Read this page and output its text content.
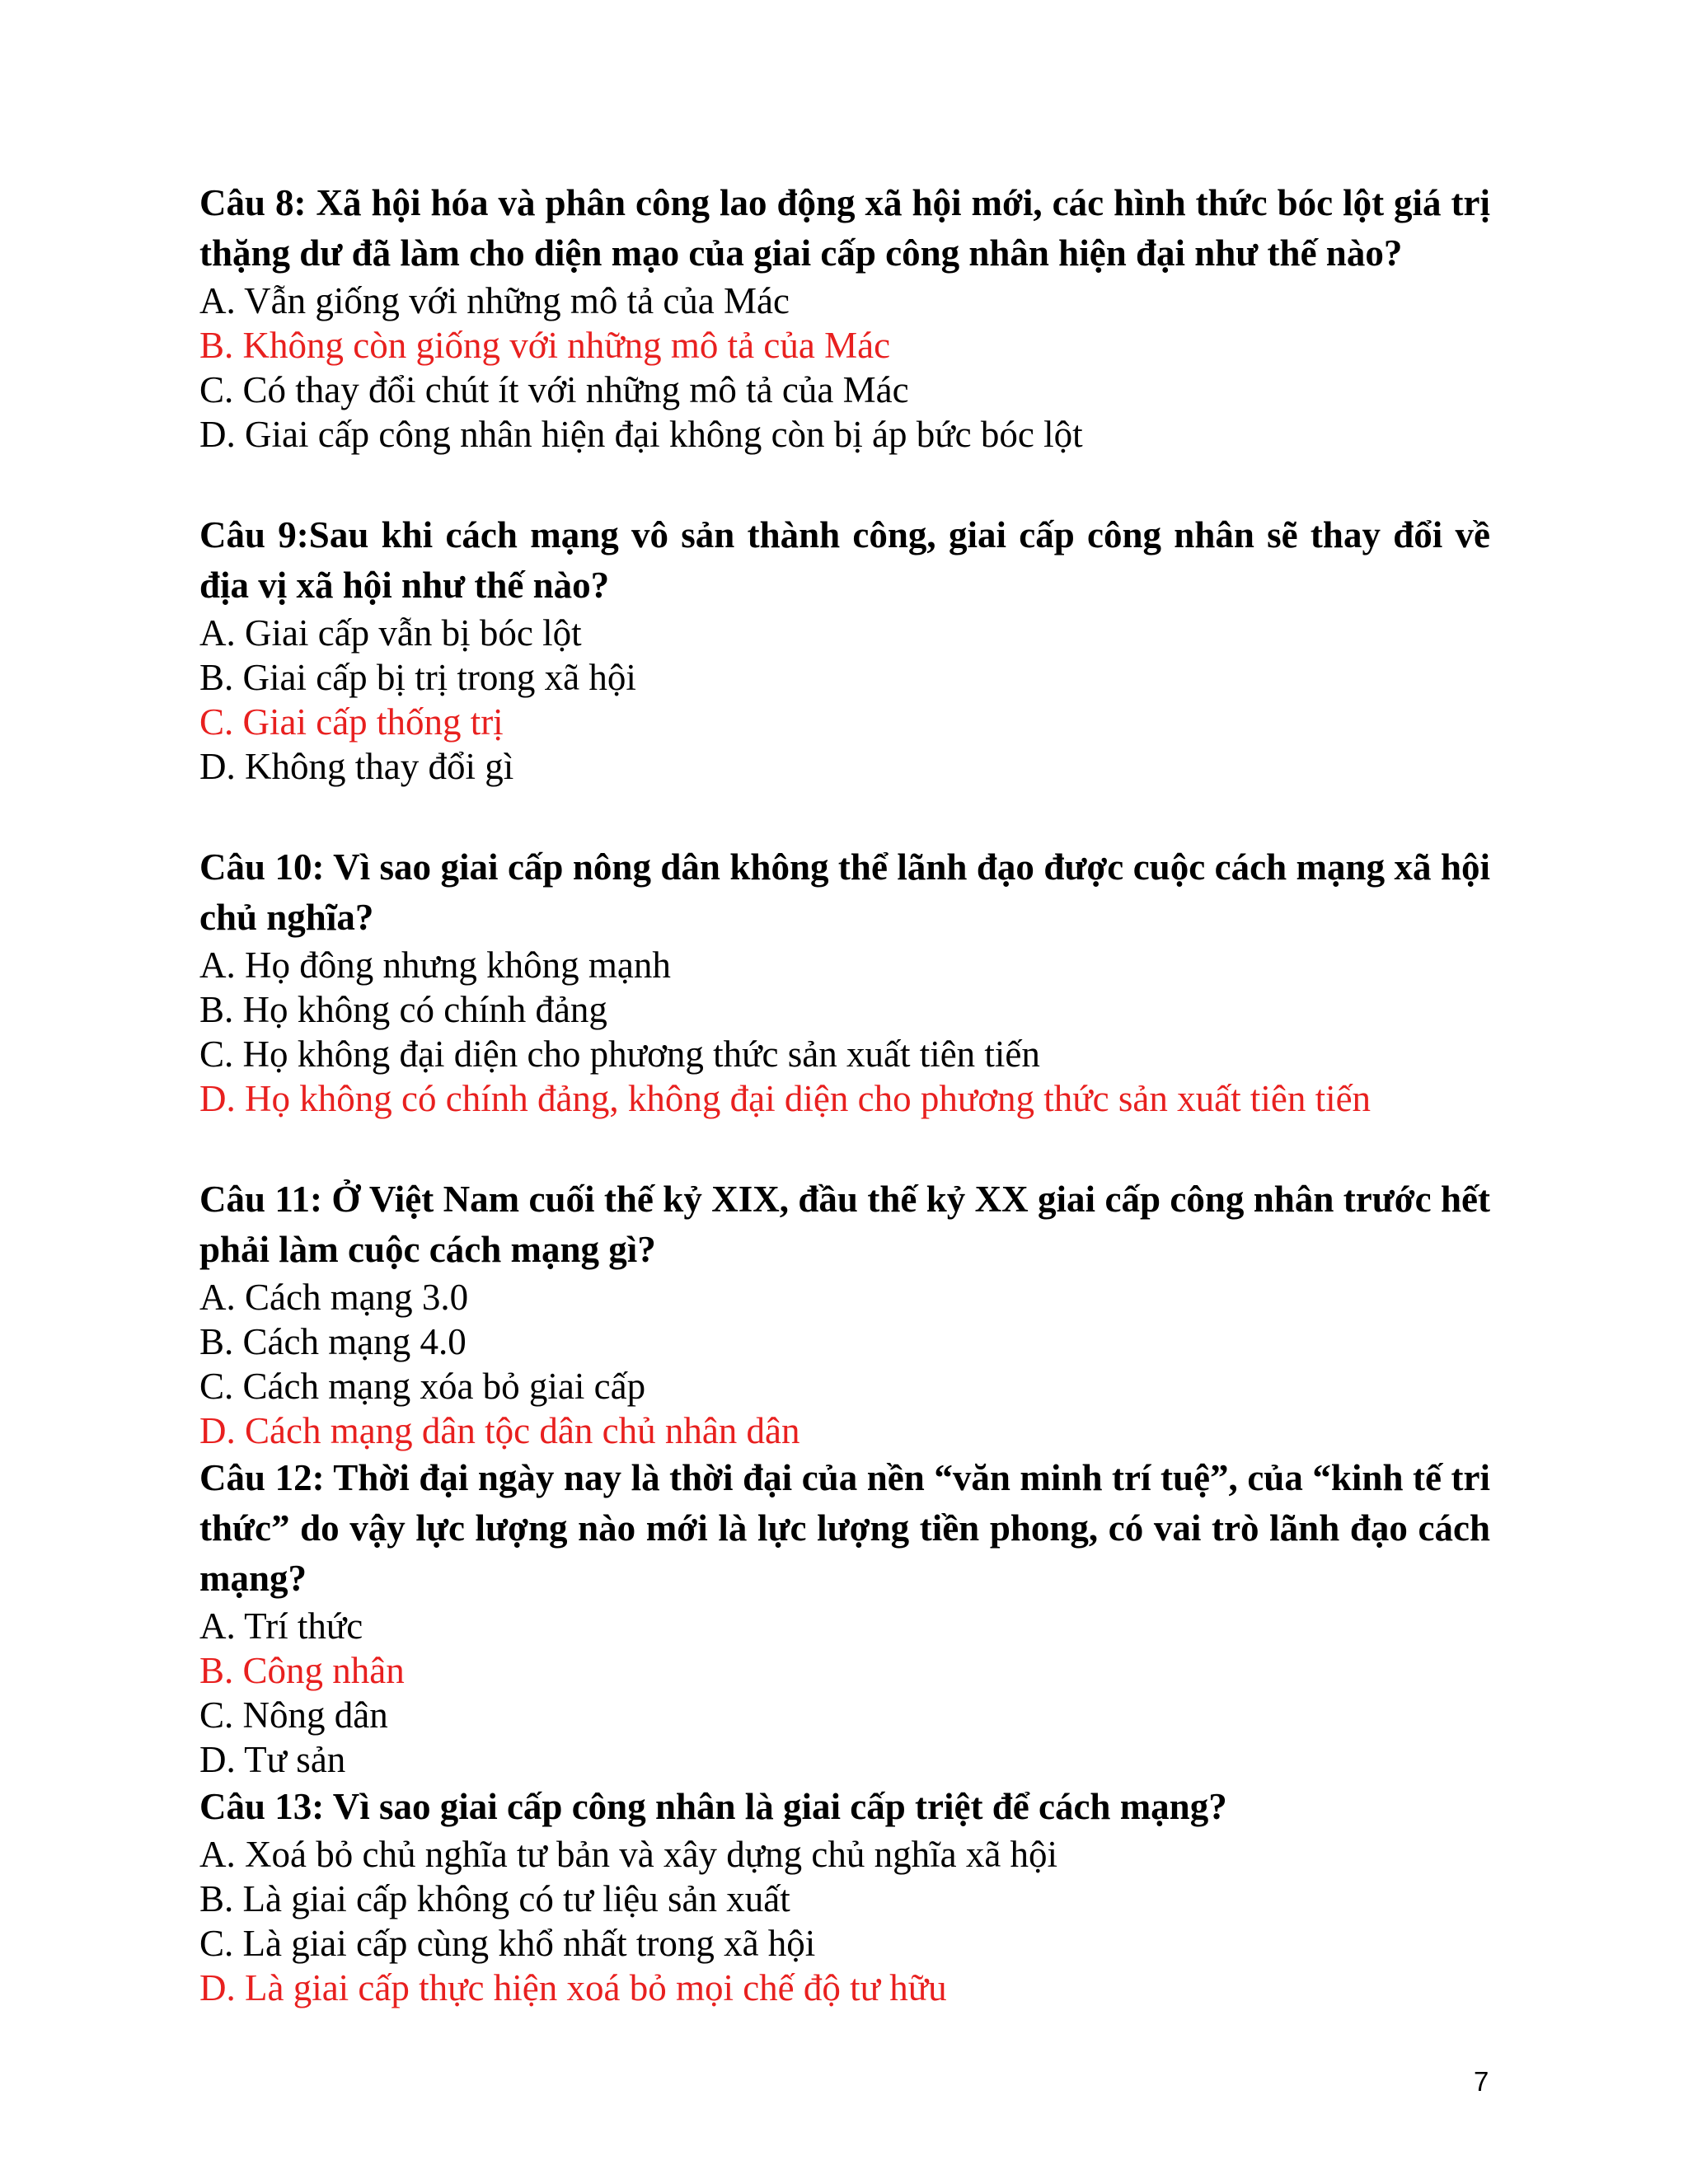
Câu 8: Xã hội hóa và phân công lao động xã hội mới, các hình thức bóc lột giá trị thặng dư đã làm cho diện mạo của giai cấp công nhân hiện đại như thế nào?

A. Vẫn giống với những mô tả của Mác

B. Không còn giống với những mô tả của Mác

C. Có thay đổi chút ít với những mô tả của Mác

D. Giai cấp công nhân hiện đại không còn bị áp bức bóc lột

Câu 9:Sau khi cách mạng vô sản thành công, giai cấp công nhân sẽ thay đổi về địa vị xã hội như thế nào?

A. Giai cấp vẫn bị bóc lột

B. Giai cấp bị trị trong xã hội

C. Giai cấp thống trị

D. Không thay đổi gì

Câu 10: Vì sao giai cấp nông dân không thể lãnh đạo được cuộc cách mạng xã hội chủ nghĩa?

A. Họ đông nhưng không mạnh

B. Họ không có chính đảng

C. Họ không đại diện cho phương thức sản xuất tiên tiến

D. Họ không có chính đảng, không đại diện cho phương thức sản xuất tiên tiến

Câu 11: Ở Việt Nam cuối thế kỷ XIX, đầu thế kỷ XX giai cấp công nhân trước hết phải làm cuộc cách mạng gì?

A. Cách mạng 3.0

B. Cách mạng 4.0

C. Cách mạng xóa bỏ giai cấp

D. Cách mạng dân tộc dân chủ nhân dân

Câu 12: Thời đại ngày nay là thời đại của nền “văn minh trí tuệ”, của “kinh tế tri thức” do vậy lực lượng nào mới là lực lượng tiền phong, có vai trò lãnh đạo cách mạng?

A. Trí thức

B. Công nhân

C. Nông dân

D. Tư sản

Câu 13: Vì sao giai cấp công nhân là giai cấp triệt để cách mạng?

A. Xoá bỏ chủ nghĩa tư bản và xây dựng chủ nghĩa xã hội

B. Là giai cấp không có tư liệu sản xuất

C. Là giai cấp cùng khổ nhất trong xã hội

D. Là giai cấp thực hiện xoá bỏ mọi chế độ tư hữu

7
